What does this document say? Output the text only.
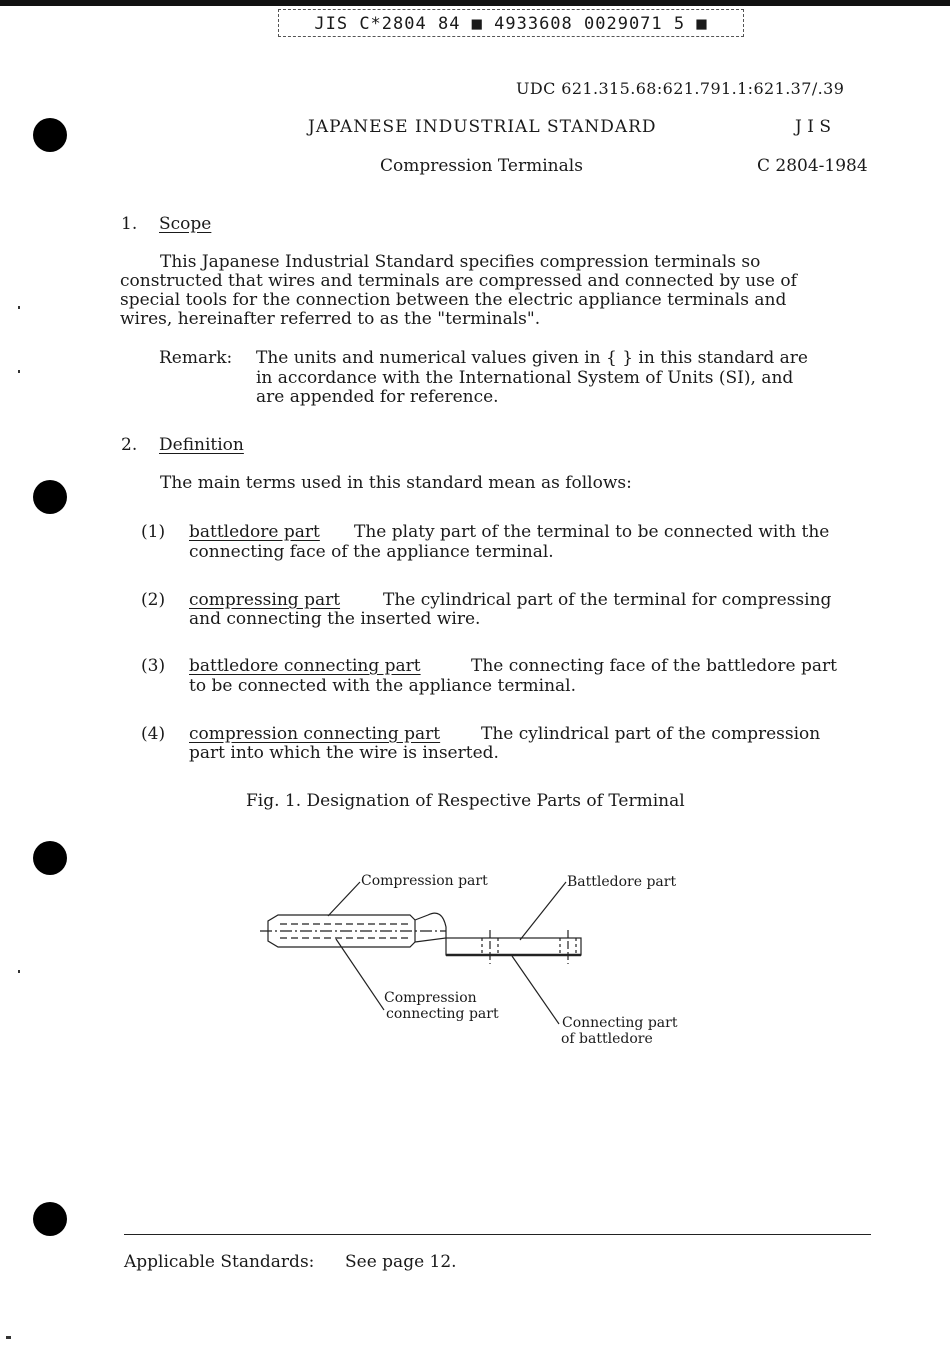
JIS C*2804 84 ■ 4933608 0029071 5 ■
UDC 621.315.68:621.791.1:621.37/.39
JAPANESE INDUSTRIAL STANDARD	J I S
Compression Terminals	C 2804-1984
1. Scope
This Japanese Industrial Standard specifies compression terminals so
constructed that wires and terminals are compressed and connected by use of
special tools for the connection between the electric appliance terminals and
wires, hereinafter referred to as the "terminals".
Remark: The units and numerical values given in { } in this standard are
in accordance with the International System of Units (SI), and
are appended for reference.
2. Definition
The main terms used in this standard mean as follows:
(1) battledore part The platy part of the terminal to be connected with the
connecting face of the appliance terminal.
(2) compressing part	The cylindrical part of the terminal for compressing
and connecting the inserted wire.
(3) battledore connecting part	The connecting face of the battledore part
to be connected with the appliance terminal.
(4) compression connecting part The cylindrical part of the compression
part into which the wire is inserted.
Fig. 1. Designation of Respective Parts of Terminal
Compression part	Battledore part
Compression
connecting part
Connecting part
of battledore
Applicable Standards: See page 12.
